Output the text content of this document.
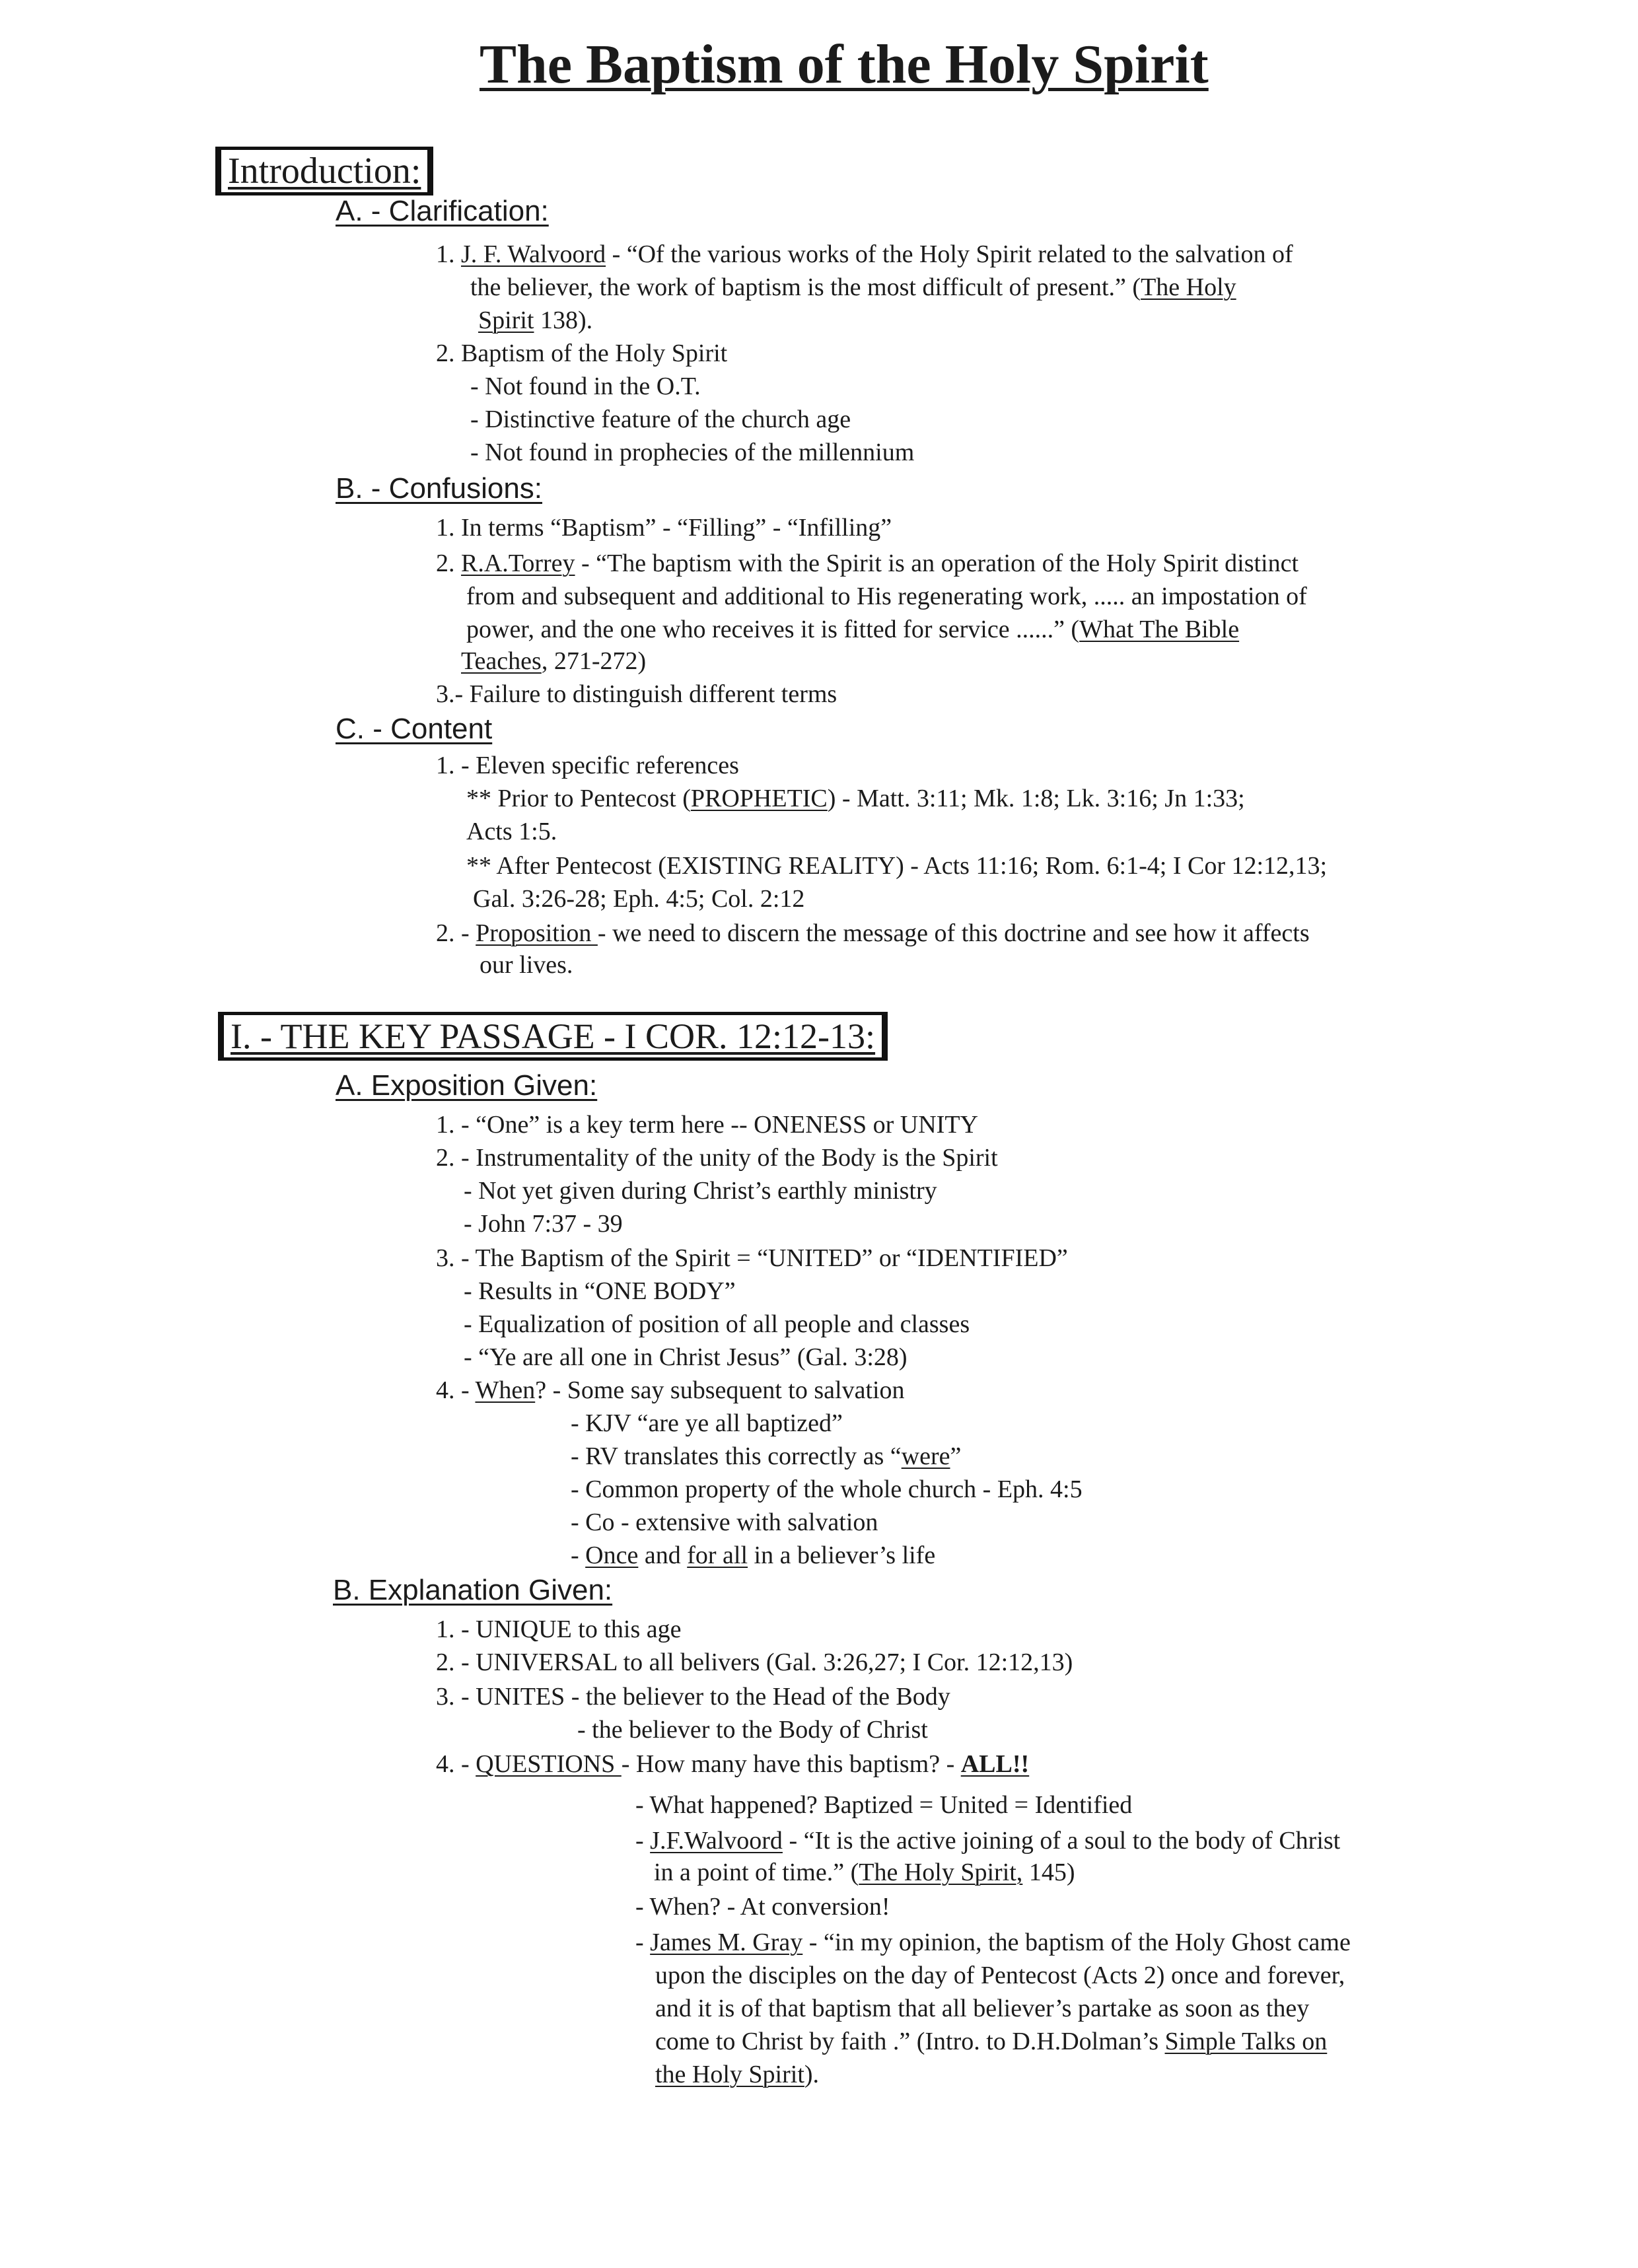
The Baptism of the Holy Spirit
Introduction:
A. - Clarification:
1. J. F. Walvoord - “Of the various works of the Holy Spirit related to the salvation of
the believer, the work of baptism is the most difficult of present.” (The Holy
Spirit 138).
2. Baptism of the Holy Spirit
- Not found in the O.T.
- Distinctive feature of the church age
- Not found in prophecies of the millennium
B. - Confusions:
1. In terms “Baptism” - “Filling” - “Infilling”
2. R.A.Torrey - “The baptism with the Spirit is an operation of the Holy Spirit distinct
from and subsequent and additional to His regenerating work, ..... an impostation of
power, and the one who receives it is fitted for service ......” (What The Bible
Teaches, 271-272)
3.- Failure to distinguish different terms
C. - Content
1. - Eleven specific references
** Prior to Pentecost (PROPHETIC) - Matt. 3:11; Mk. 1:8; Lk. 3:16; Jn 1:33;
Acts 1:5.
** After Pentecost (EXISTING REALITY) - Acts 11:16; Rom. 6:1-4; I Cor 12:12,13;
Gal. 3:26-28; Eph. 4:5; Col. 2:12
2. - Proposition - we need to discern the message of this doctrine and see how it affects
our lives.
I. - THE KEY PASSAGE - I COR. 12:12-13:
A. Exposition Given:
1. - “One” is a key term here -- ONENESS or UNITY
2. - Instrumentality of the unity of the Body is the Spirit
- Not yet given during Christ’s earthly ministry
- John 7:37 - 39
3. - The Baptism of the Spirit = “UNITED” or “IDENTIFIED”
- Results in “ONE BODY”
- Equalization of position of all people and classes
- “Ye are all one in Christ Jesus” (Gal. 3:28)
4. - When? - Some say subsequent to salvation
- KJV “are ye all baptized”
- RV translates this correctly as “were”
- Common property of the whole church - Eph. 4:5
- Co - extensive with salvation
- Once and for all in a believer’s life
B. Explanation Given:
1. - UNIQUE to this age
2. - UNIVERSAL to all belivers (Gal. 3:26,27; I Cor. 12:12,13)
3. - UNITES - the believer to the Head of the Body
- the believer to the Body of Christ
4. - QUESTIONS - How many have this baptism? - ALL!!
- What happened? Baptized = United = Identified
- J.F.Walvoord - “It is the active joining of a soul to the body of Christ
in a point of time.” (The Holy Spirit, 145)
- When? - At conversion!
- James M. Gray - “in my opinion, the baptism of the Holy Ghost came
upon the disciples on the day of Pentecost (Acts 2) once and forever,
and it is of that baptism that all believer’s partake as soon as they
come to Christ by faith .” (Intro. to D.H.Dolman’s Simple Talks on
the Holy Spirit).
